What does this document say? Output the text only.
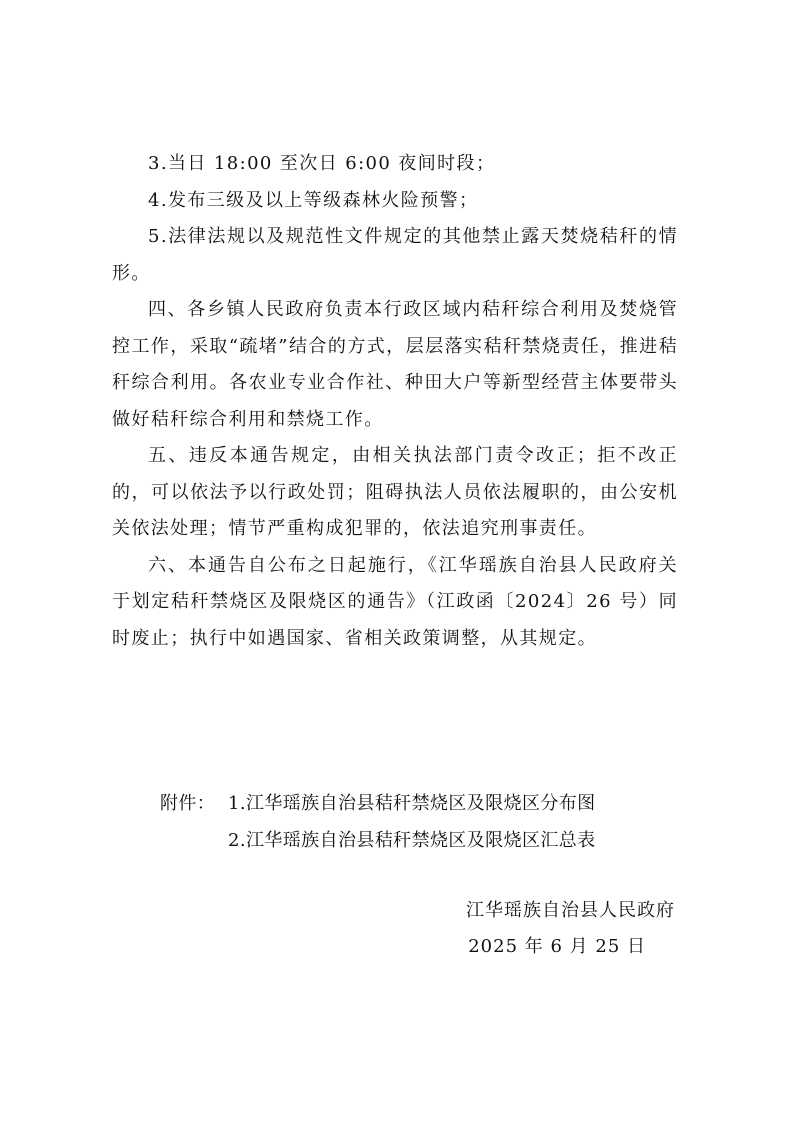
3.当日 18:00 至次日 6:00 夜间时段；

4.发布三级及以上等级森林火险预警；

5.法律法规以及规范性文件规定的其他禁止露天焚烧秸秆的情形。

四、各乡镇人民政府负责本行政区域内秸秆综合利用及焚烧管控工作，采取“疏堵”结合的方式，层层落实秸秆禁烧责任，推进秸秆综合利用。各农业专业合作社、种田大户等新型经营主体要带头做好秸秆综合利用和禁烧工作。

五、违反本通告规定，由相关执法部门责令改正；拒不改正的，可以依法予以行政处罚；阻碍执法人员依法履职的，由公安机关依法处理；情节严重构成犯罪的，依法追究刑事责任。

六、本通告自公布之日起施行，《江华瑶族自治县人民政府关于划定秸秆禁烧区及限烧区的通告》（江政函〔2024〕26 号）同时废止；执行中如遇国家、省相关政策调整，从其规定。

附件： 1.江华瑶族自治县秸秆禁烧区及限烧区分布图
2.江华瑶族自治县秸秆禁烧区及限烧区汇总表
江华瑶族自治县人民政府
2025 年 6 月 25 日
